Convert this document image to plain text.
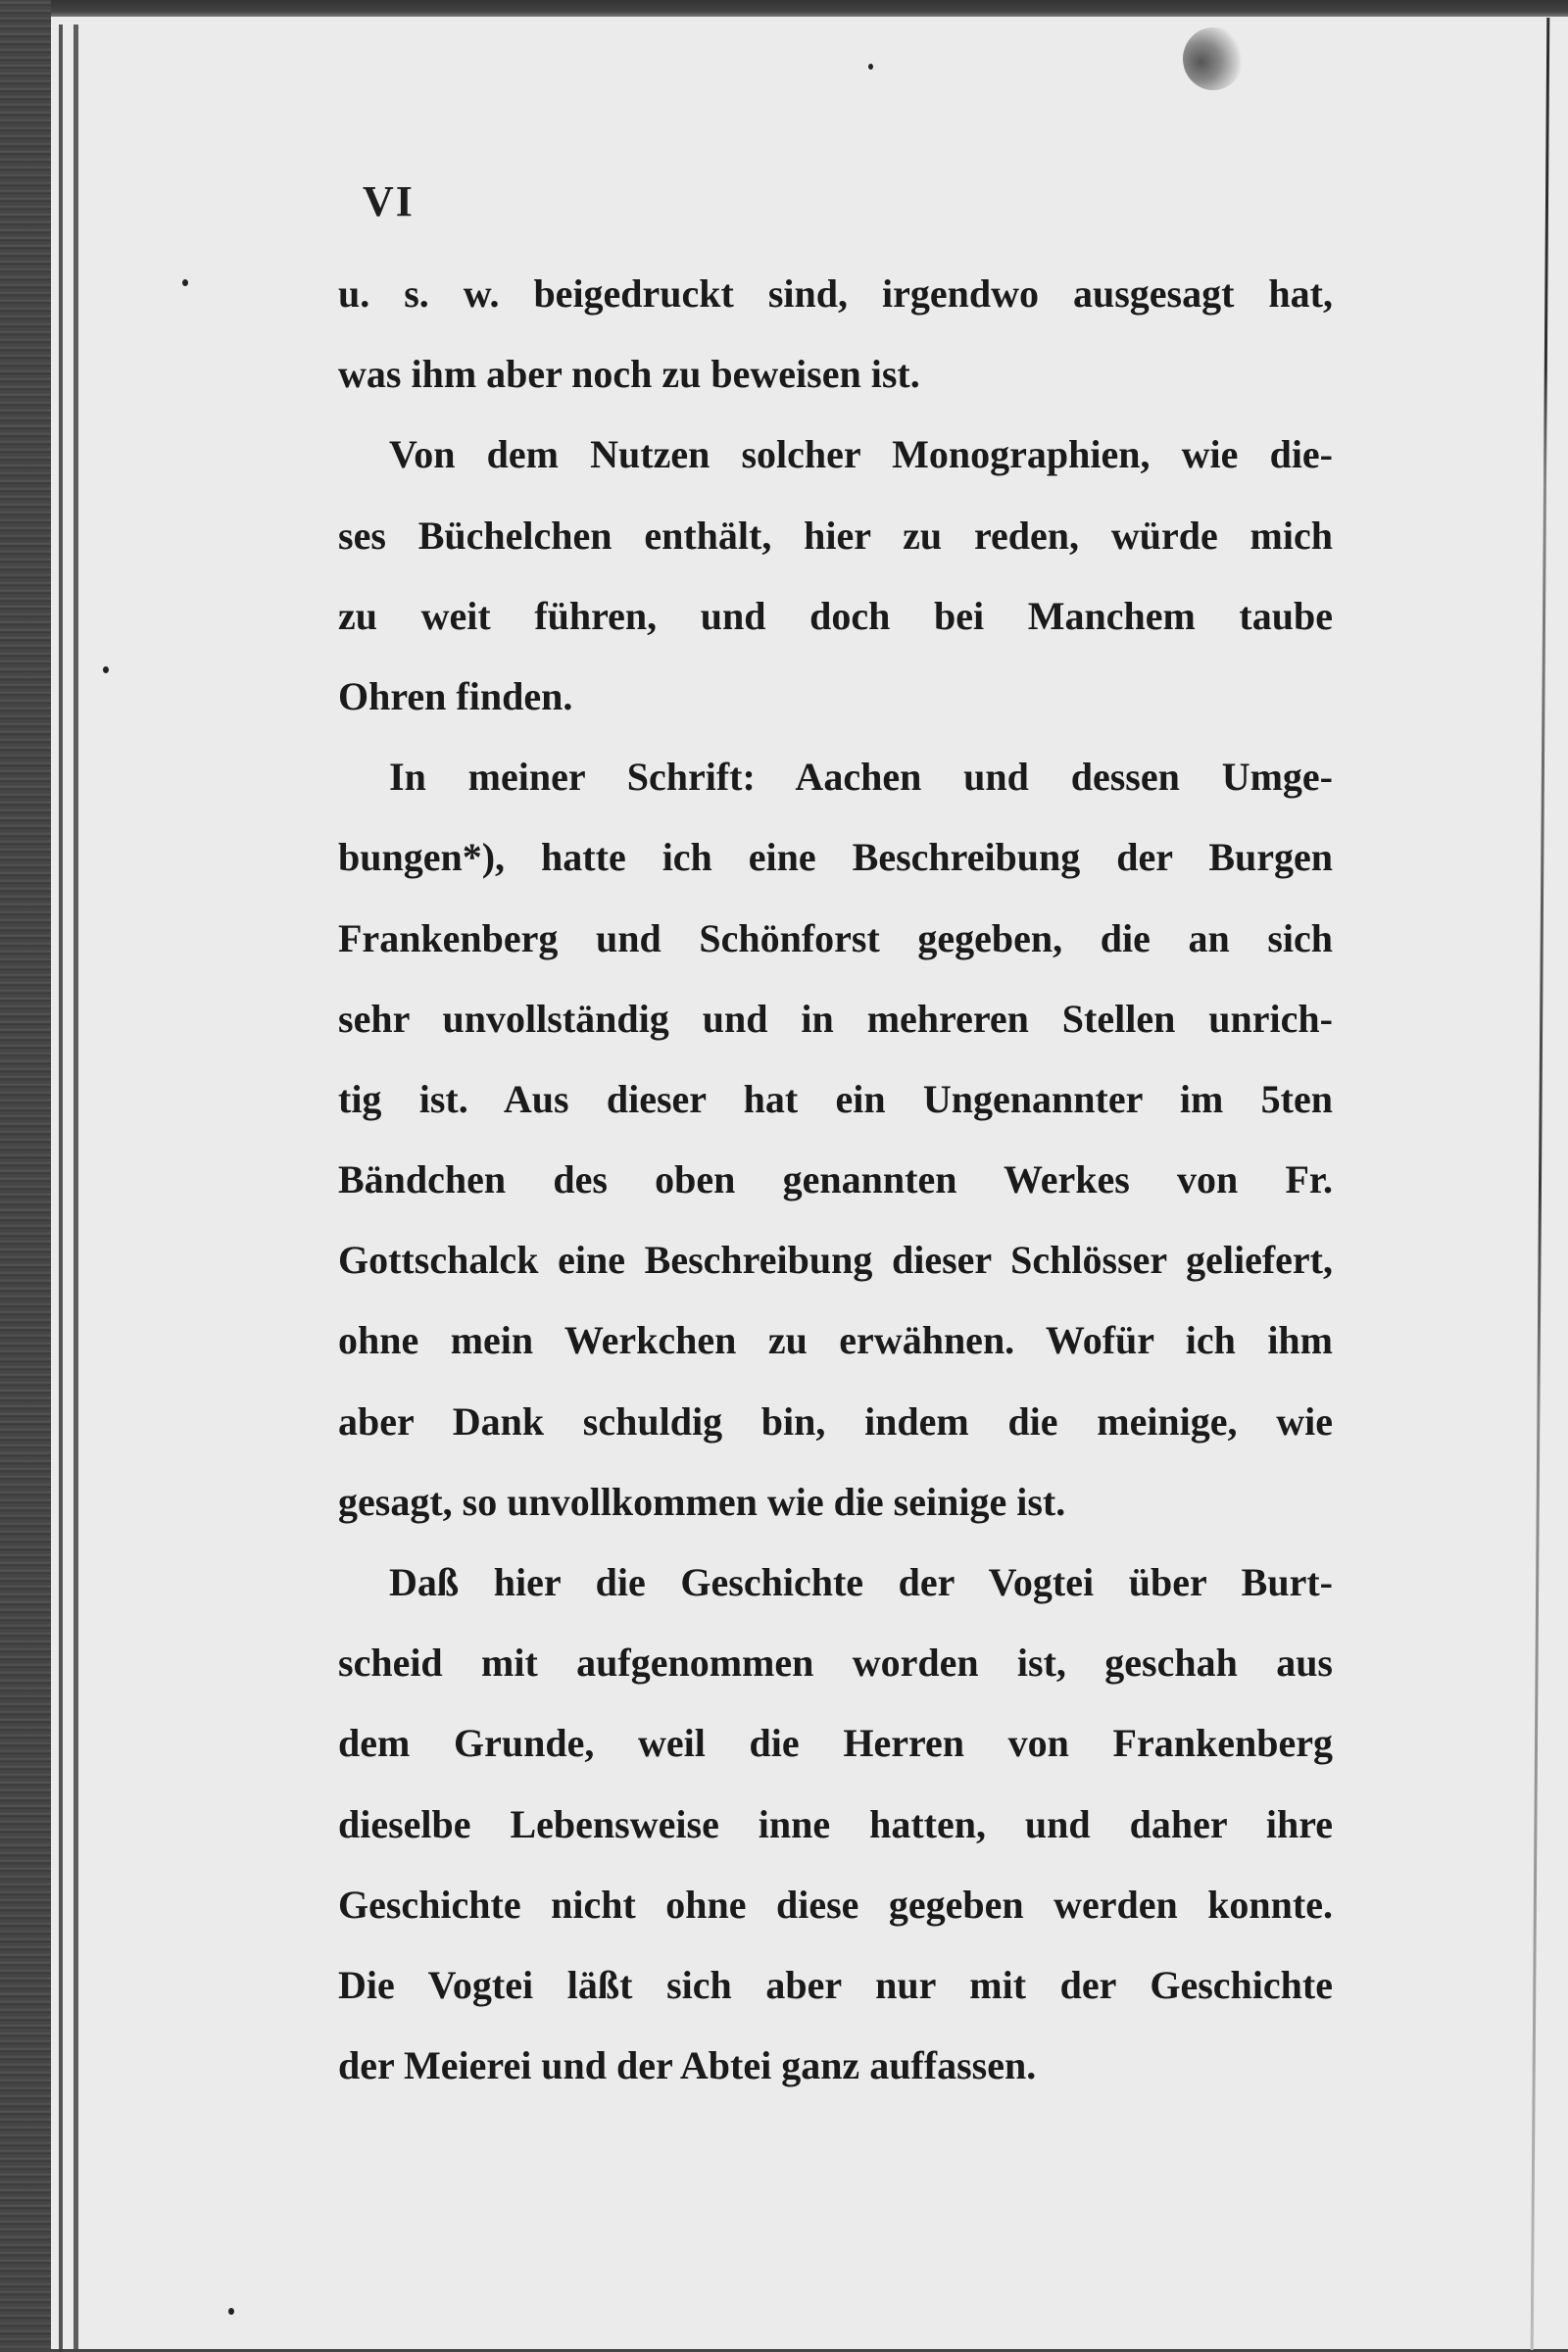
VI
u. s. w. beigedruckt sind, irgendwo ausgesagt hat,
was ihm aber noch zu beweisen ist.
Von dem Nutzen solcher Monographien, wie die-
ses Büchelchen enthält, hier zu reden, würde mich
zu weit führen, und doch bei Manchem taube
Ohren finden.
In meiner Schrift: Aachen und dessen Umge-
bungen*), hatte ich eine Beschreibung der Burgen
Frankenberg und Schönforst gegeben, die an sich
sehr unvollständig und in mehreren Stellen unrich-
tig ist. Aus dieser hat ein Ungenannter im 5ten
Bändchen des oben genannten Werkes von Fr.
Gottschalck eine Beschreibung dieser Schlösser geliefert,
ohne mein Werkchen zu erwähnen. Wofür ich ihm
aber Dank schuldig bin, indem die meinige, wie
gesagt, so unvollkommen wie die seinige ist.
Daß hier die Geschichte der Vogtei über Burt-
scheid mit aufgenommen worden ist, geschah aus
dem Grunde, weil die Herren von Frankenberg
dieselbe Lebensweise inne hatten, und daher ihre
Geschichte nicht ohne diese gegeben werden konnte.
Die Vogtei läßt sich aber nur mit der Geschichte
der Meierei und der Abtei ganz auffassen.
